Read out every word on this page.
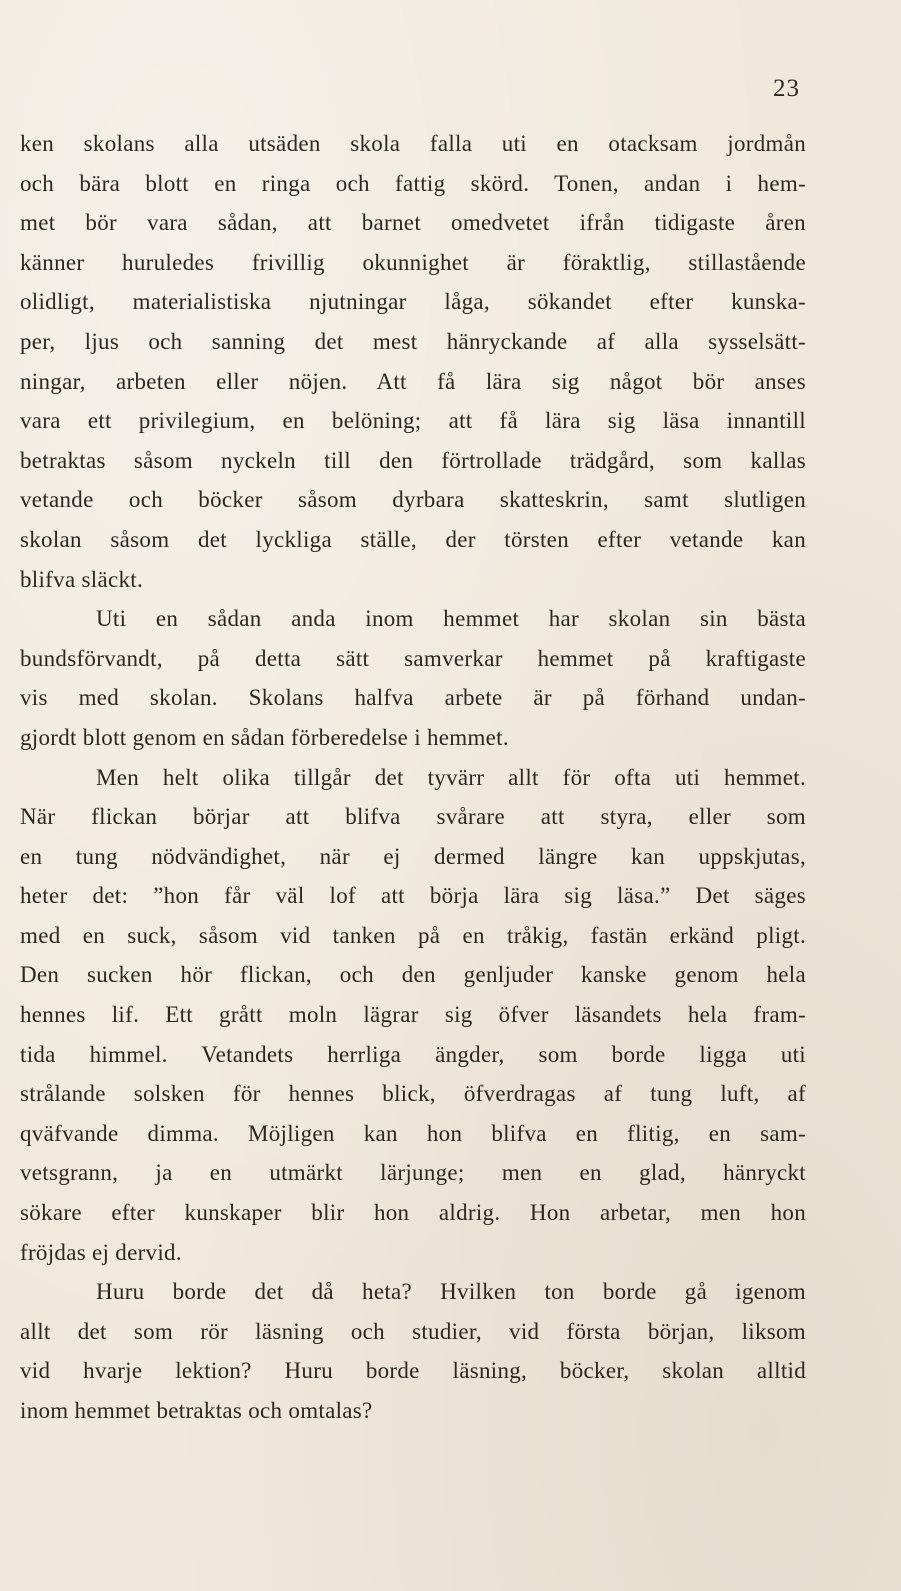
23
ken skolans alla utsäden skola falla uti en otacksam jordmån
och bära blott en ringa och fattig skörd. Tonen, andan i hem-
met bör vara sådan, att barnet omedvetet ifrån tidigaste åren
känner huruledes frivillig okunnighet är föraktlig, stillastående
olidligt, materialistiska njutningar låga, sökandet efter kunska-
per, ljus och sanning det mest hänryckande af alla sysselsätt-
ningar, arbeten eller nöjen. Att få lära sig något bör anses
vara ett privilegium, en belöning; att få lära sig läsa innantill
betraktas såsom nyckeln till den förtrollade trädgård, som kallas
vetande och böcker såsom dyrbara skatteskrin, samt slutligen
skolan såsom det lyckliga ställe, der törsten efter vetande kan
blifva släckt.
Uti en sådan anda inom hemmet har skolan sin bästa
bundsförvandt, på detta sätt samverkar hemmet på kraftigaste
vis med skolan. Skolans halfva arbete är på förhand undan-
gjordt blott genom en sådan förberedelse i hemmet.
Men helt olika tillgår det tyvärr allt för ofta uti hemmet.
När flickan börjar att blifva svårare att styra, eller som
en tung nödvändighet, när ej dermed längre kan uppskjutas,
heter det: ”hon får väl lof att börja lära sig läsa.” Det säges
med en suck, såsom vid tanken på en tråkig, fastän erkänd pligt.
Den sucken hör flickan, och den genljuder kanske genom hela
hennes lif. Ett grått moln lägrar sig öfver läsandets hela fram-
tida himmel. Vetandets herrliga ängder, som borde ligga uti
strålande solsken för hennes blick, öfverdragas af tung luft, af
qväfvande dimma. Möjligen kan hon blifva en flitig, en sam-
vetsgrann, ja en utmärkt lärjunge; men en glad, hänryckt
sökare efter kunskaper blir hon aldrig. Hon arbetar, men hon
fröjdas ej dervid.
Huru borde det då heta? Hvilken ton borde gå igenom
allt det som rör läsning och studier, vid första början, liksom
vid hvarje lektion? Huru borde läsning, böcker, skolan alltid
inom hemmet betraktas och omtalas?
